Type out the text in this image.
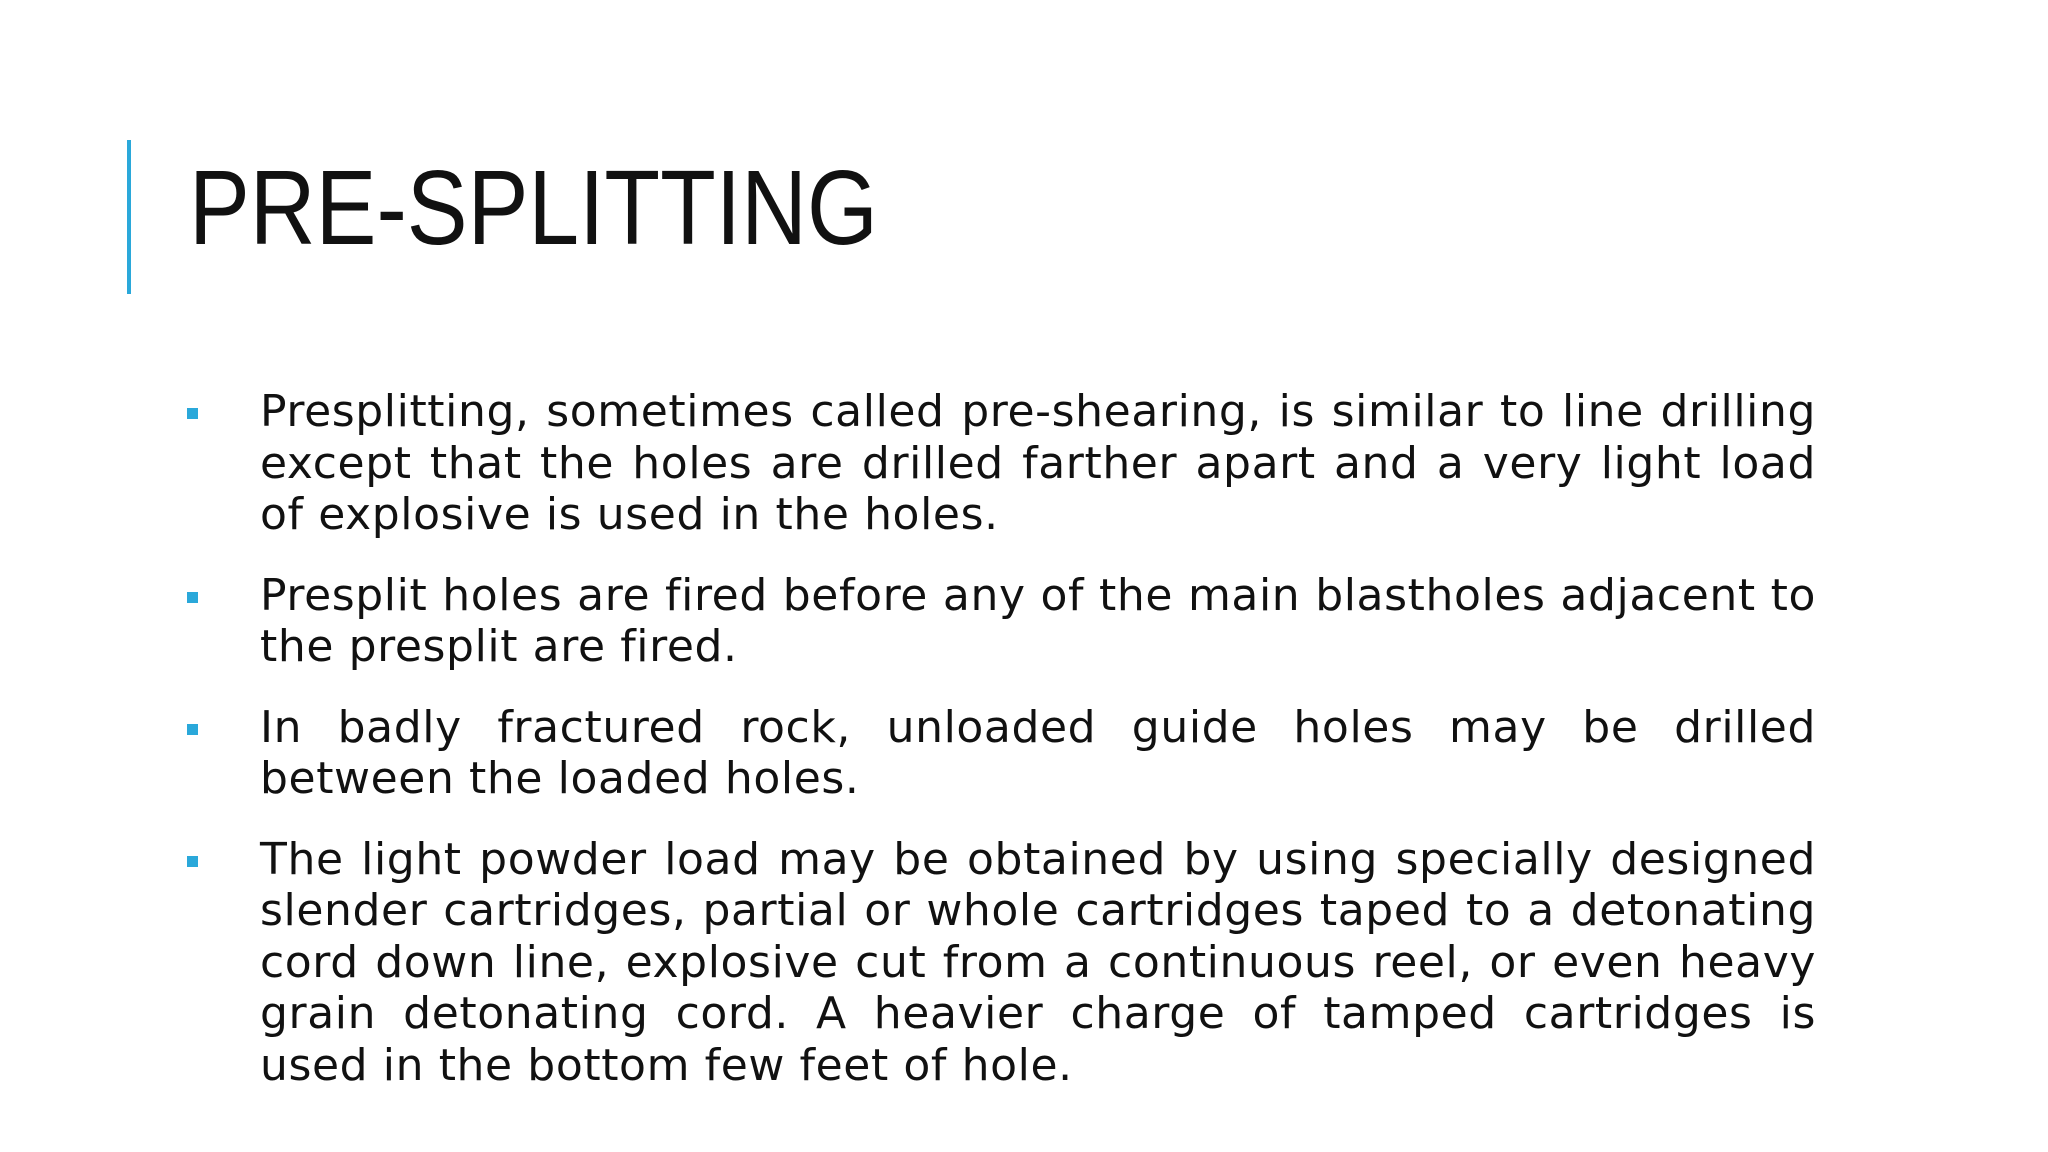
PRE-SPLITTING
Presplitting, sometimes called pre-shearing, is similar to line drilling except that the holes are drilled farther apart and a very light load of explosive is used in the holes.
Presplit holes are fired before any of the main blastholes adjacent to the presplit are fired.
In badly fractured rock, unloaded guide holes may be drilled between the loaded holes.
The light powder load may be obtained by using specially designed slender cartridges, partial or whole cartridges taped to a detonating cord down line, explosive cut from a continuous reel, or even heavy grain detonating cord. A heavier charge of tamped cartridges is used in the bottom few feet of hole.
